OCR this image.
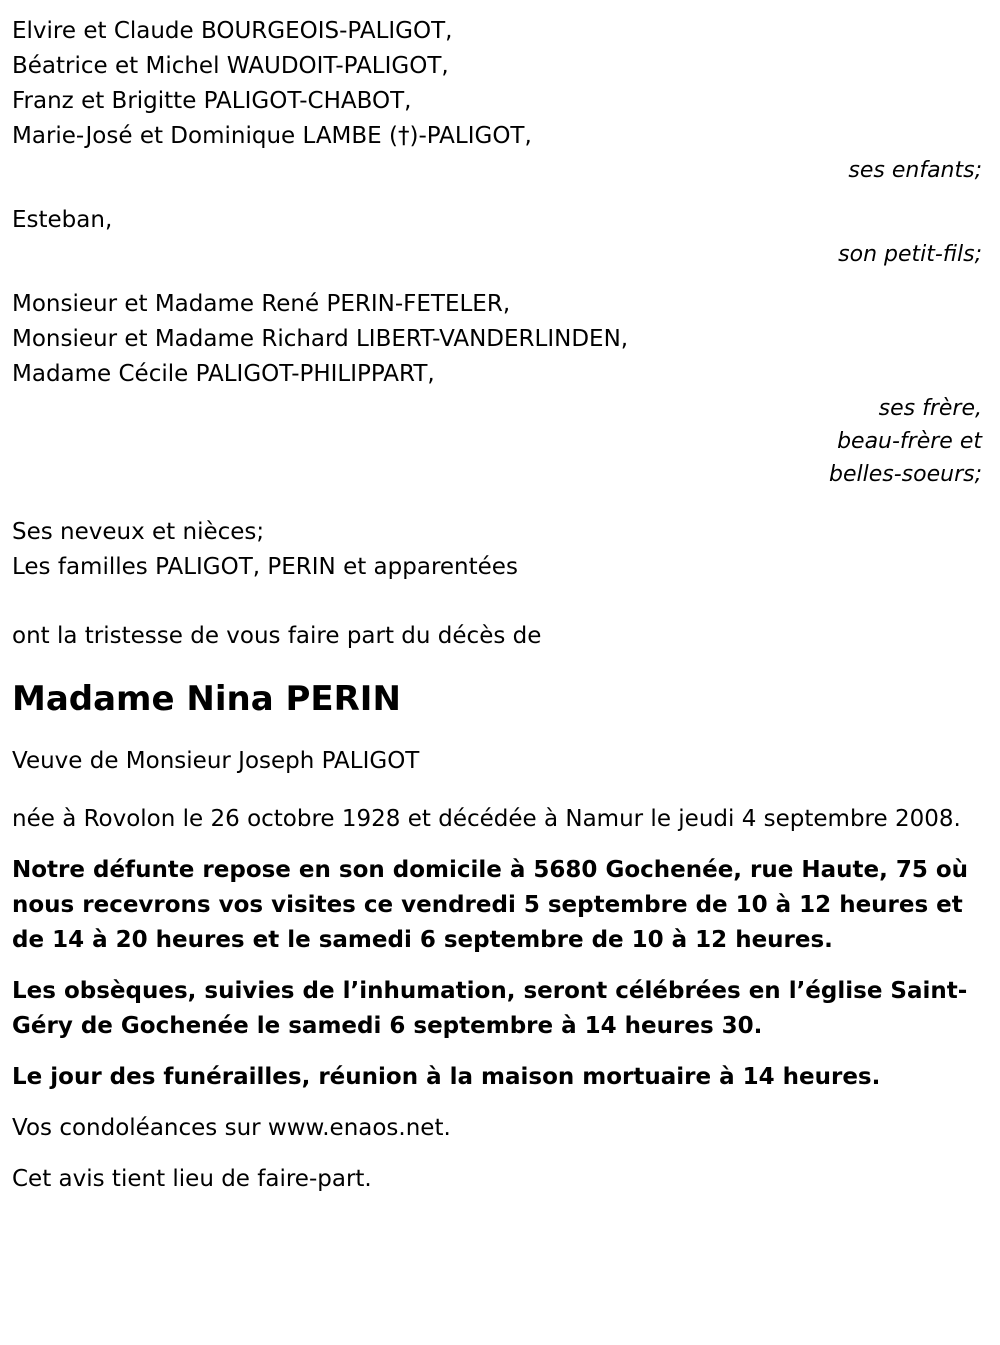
Elvire et Claude BOURGEOIS-PALIGOT,
Béatrice et Michel WAUDOIT-PALIGOT,
Franz et Brigitte PALIGOT-CHABOT,
Marie-José et Dominique LAMBE (†)-PALIGOT,
ses enfants;
Esteban,
son petit-fils;
Monsieur et Madame René PERIN-FETELER,
Monsieur et Madame Richard LIBERT-VANDERLINDEN,
Madame Cécile PALIGOT-PHILIPPART,
ses frère,
beau-frère et
belles-soeurs;
Ses neveux et nièces;
Les familles PALIGOT, PERIN et apparentées
ont la tristesse de vous faire part du décès de
Madame Nina PERIN
Veuve de Monsieur Joseph PALIGOT
née à Rovolon le 26 octobre 1928 et décédée à Namur le jeudi 4 septembre 2008.
Notre défunte repose en son domicile à 5680 Gochenée, rue Haute, 75 où nous recevrons vos visites ce vendredi 5 septembre de 10 à 12 heures et de 14 à 20 heures et le samedi 6 septembre de 10 à 12 heures.
Les obsèques, suivies de l’inhumation, seront célébrées en l’église Saint-Géry de Gochenée le samedi 6 septembre à 14 heures 30.
Le jour des funérailles, réunion à la maison mortuaire à 14 heures.
Vos condoléances sur www.enaos.net.
Cet avis tient lieu de faire-part.
